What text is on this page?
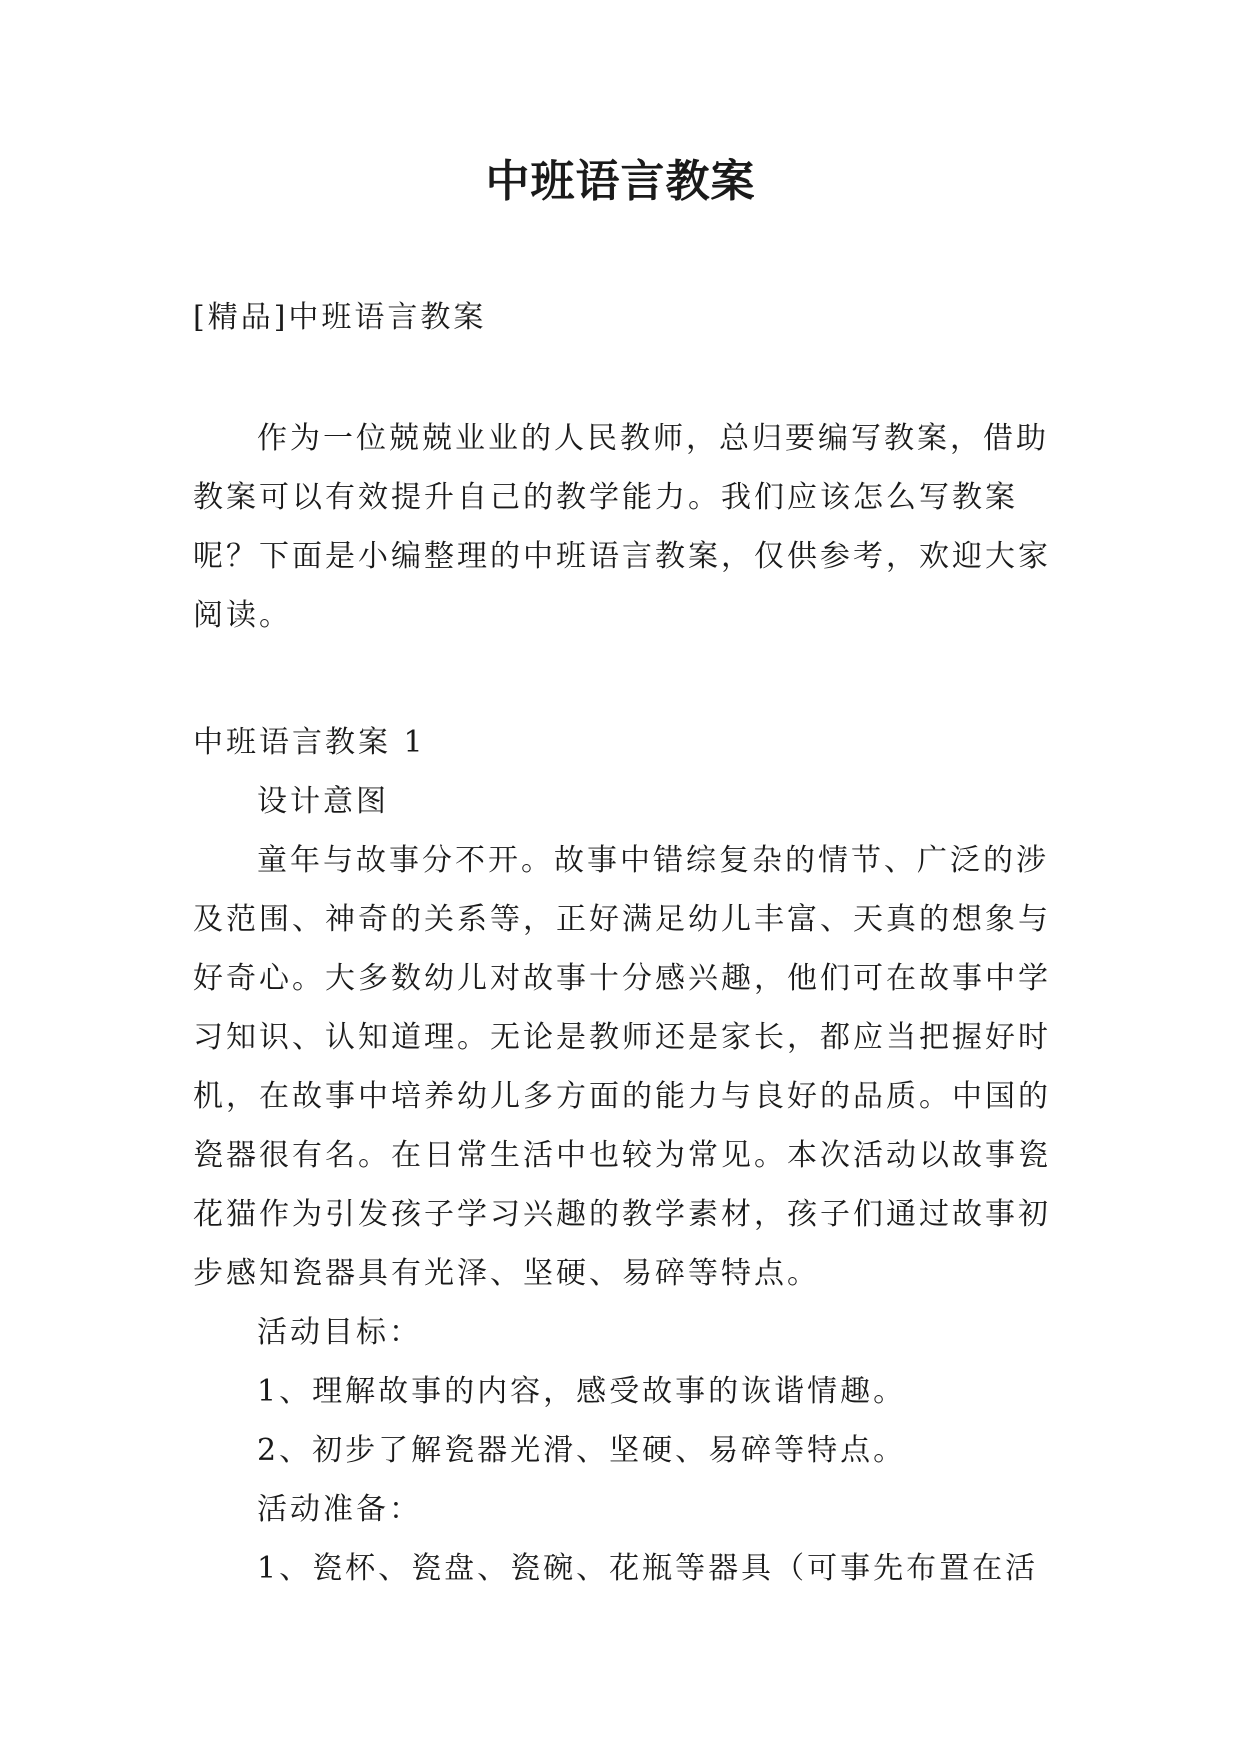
中班语言教案
[精品]中班语言教案
作为一位兢兢业业的人民教师，总归要编写教案，借助
教案可以有效提升自己的教学能力。我们应该怎么写教案
呢？下面是小编整理的中班语言教案，仅供参考，欢迎大家
阅读。
中班语言教案 1
设计意图
童年与故事分不开。故事中错综复杂的情节、广泛的涉
及范围、神奇的关系等，正好满足幼儿丰富、天真的想象与
好奇心。大多数幼儿对故事十分感兴趣，他们可在故事中学
习知识、认知道理。无论是教师还是家长，都应当把握好时
机，在故事中培养幼儿多方面的能力与良好的品质。中国的
瓷器很有名。在日常生活中也较为常见。本次活动以故事瓷
花猫作为引发孩子学习兴趣的教学素材，孩子们通过故事初
步感知瓷器具有光泽、坚硬、易碎等特点。
活动目标：
1、理解故事的内容，感受故事的诙谐情趣。
2、初步了解瓷器光滑、坚硬、易碎等特点。
活动准备：
1、瓷杯、瓷盘、瓷碗、花瓶等器具（可事先布置在活
